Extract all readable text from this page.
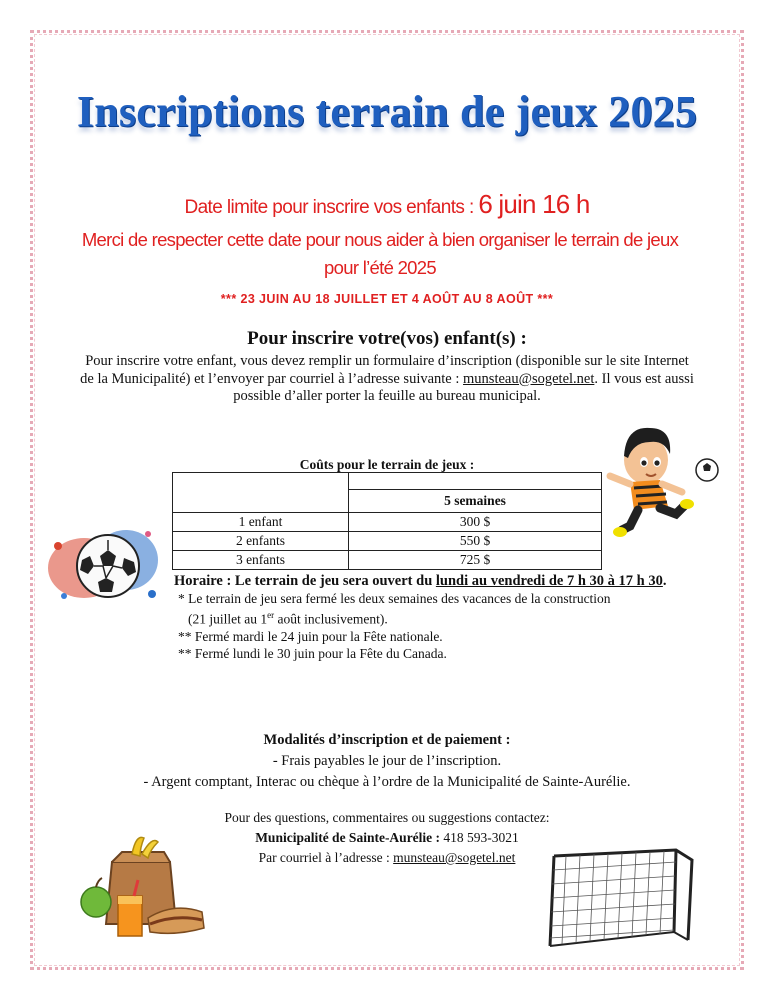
Inscriptions terrain de jeux 2025
Date limite pour inscrire vos enfants : 6 juin 16 h
Merci de respecter cette date pour nous aider à bien organiser le terrain de jeux pour l’été 2025
*** 23 JUIN AU 18 JUILLET ET 4 AOÛT AU 8 AOÛT ***
Pour inscrire votre(vos) enfant(s) :

Pour inscrire votre enfant, vous devez remplir un formulaire d’inscription (disponible sur le site Internet de la Municipalité) et l’envoyer par courriel à l’adresse suivante : munsteau@sogetel.net. Il vous est aussi possible d’aller porter la feuille au bureau municipal.

Coûts pour le terrain de jeux :

	5 semaines

1 enfant	300 $
2 enfants	550 $
3 enfants	725 $
Horaire : Le terrain de jeu sera ouvert du lundi au vendredi de 7 h 30 à 17 h 30.
* Le terrain de jeu sera fermé les deux semaines des vacances de la construction
(21 juillet au 1er août inclusivement).
** Fermé mardi le 24 juin pour la Fête nationale.
** Fermé lundi le 30 juin pour la Fête du Canada.
Modalités d’inscription et de paiement :
- Frais payables le jour de l’inscription.
- Argent comptant, Interac ou chèque à l’ordre de la Municipalité de Sainte-Aurélie.
Pour des questions, commentaires ou suggestions contactez:
Municipalité de Sainte-Aurélie : 418 593-3021
Par courriel à l’adresse : munsteau@sogetel.net
